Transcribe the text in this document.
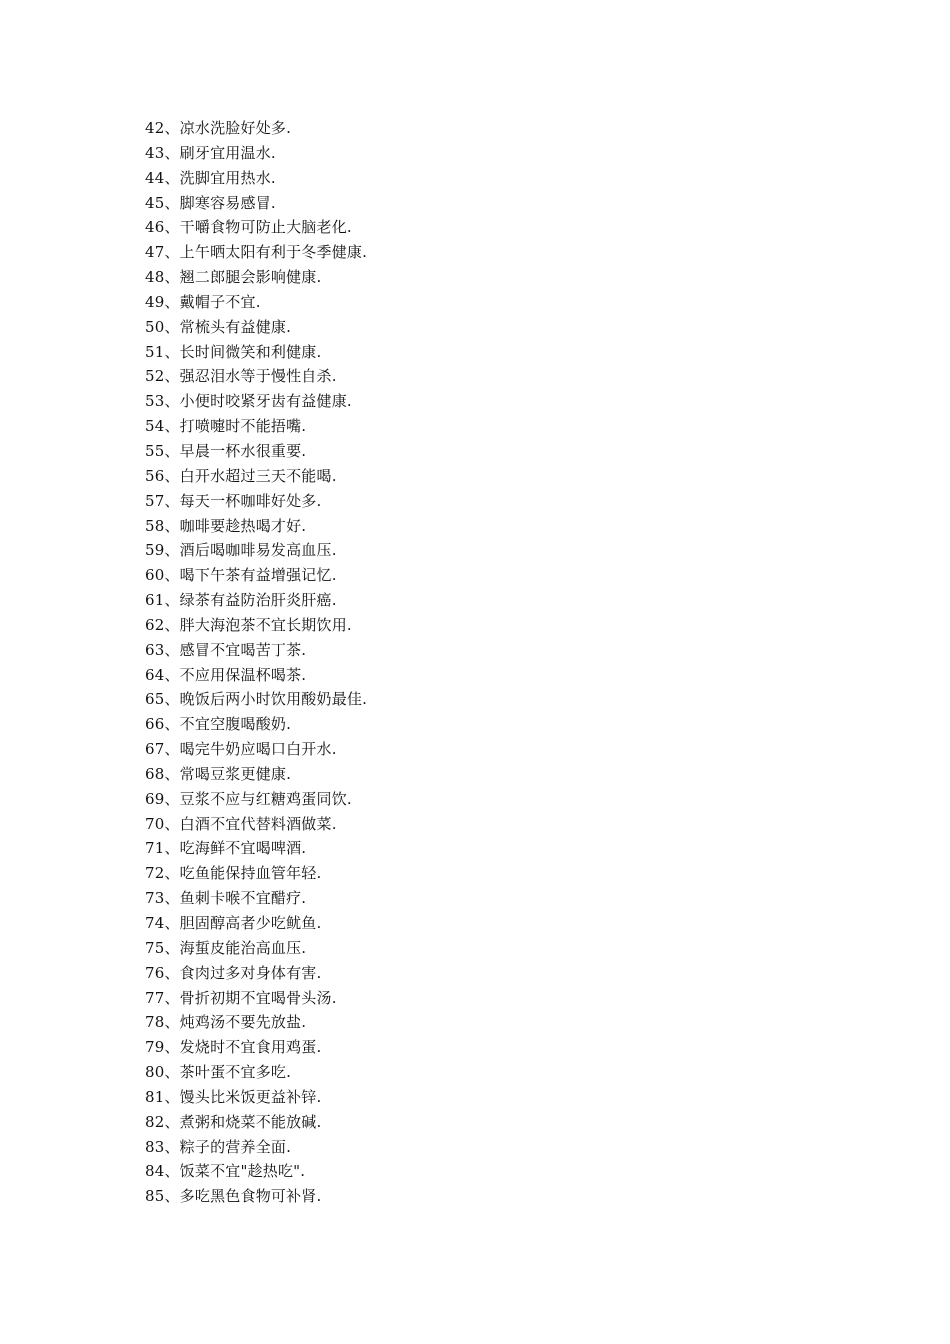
42、凉水洗脸好处多.
43、刷牙宜用温水.
44、洗脚宜用热水.
45、脚寒容易感冒.
46、干嚼食物可防止大脑老化.
47、上午晒太阳有利于冬季健康.
48、翘二郎腿会影响健康.
49、戴帽子不宜.
50、常梳头有益健康.
51、长时间微笑和利健康.
52、强忍泪水等于慢性自杀.
53、小便时咬紧牙齿有益健康.
54、打喷嚏时不能捂嘴.
55、早晨一杯水很重要.
56、白开水超过三天不能喝.
57、每天一杯咖啡好处多.
58、咖啡要趁热喝才好.
59、酒后喝咖啡易发高血压.
60、喝下午茶有益增强记忆.
61、绿茶有益防治肝炎肝癌.
62、胖大海泡茶不宜长期饮用.
63、感冒不宜喝苦丁茶.
64、不应用保温杯喝茶.
65、晚饭后两小时饮用酸奶最佳.
66、不宜空腹喝酸奶.
67、喝完牛奶应喝口白开水.
68、常喝豆浆更健康.
69、豆浆不应与红糖鸡蛋同饮.
70、白酒不宜代替料酒做菜.
71、吃海鲜不宜喝啤酒.
72、吃鱼能保持血管年轻.
73、鱼刺卡喉不宜醋疗.
74、胆固醇高者少吃鱿鱼.
75、海蜇皮能治高血压.
76、食肉过多对身体有害.
77、骨折初期不宜喝骨头汤.
78、炖鸡汤不要先放盐.
79、发烧时不宜食用鸡蛋.
80、茶叶蛋不宜多吃.
81、馒头比米饭更益补锌.
82、煮粥和烧菜不能放碱.
83、粽子的营养全面.
84、饭菜不宜"趁热吃".
85、多吃黑色食物可补肾.
